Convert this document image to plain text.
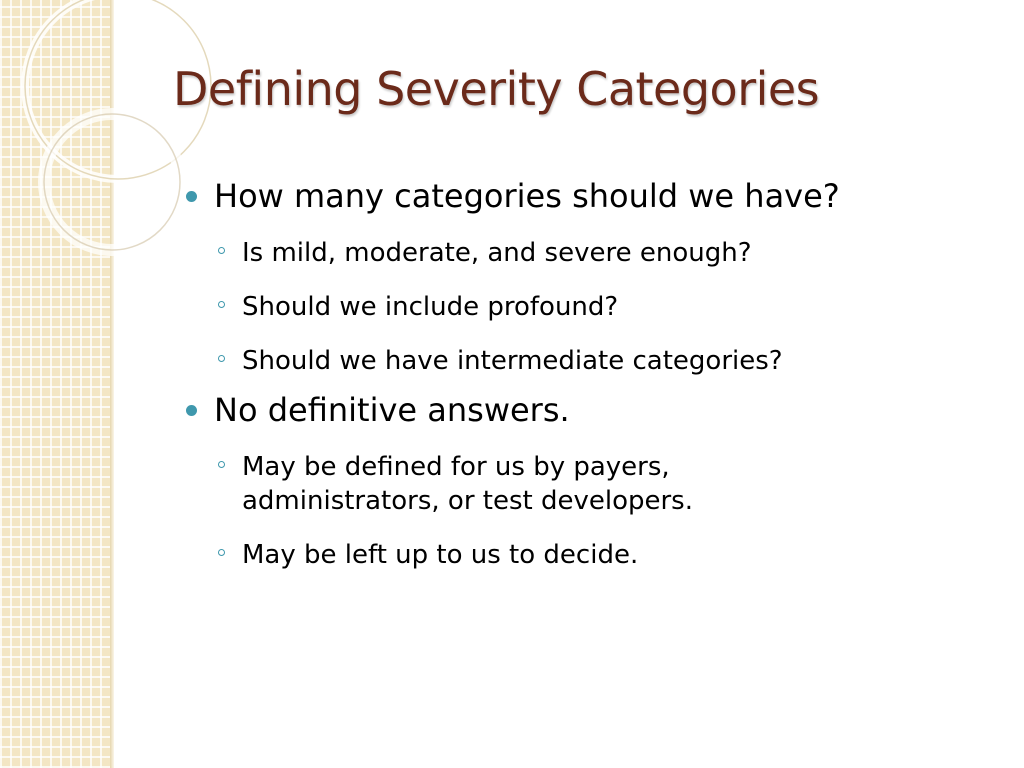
Defining Severity Categories
How many categories should we have?
Is mild, moderate, and severe enough?
Should we include profound?
Should we have intermediate categories?
No definitive answers.
May be defined for us by payers, administrators, or test developers.
May be left up to us to decide.
